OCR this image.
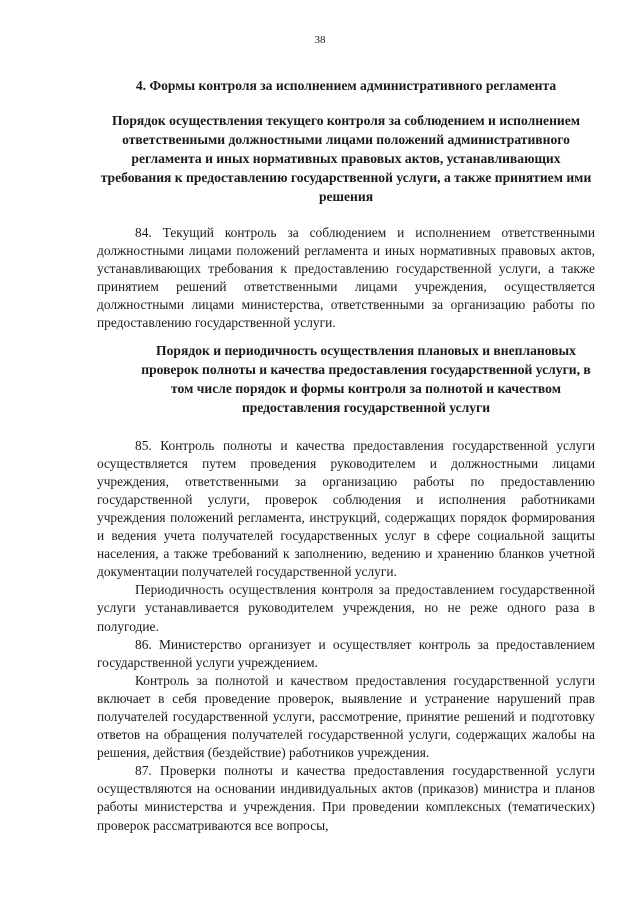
38
4. Формы контроля за исполнением административного регламента
Порядок осуществления текущего контроля за соблюдением и исполнением ответственными должностными лицами положений административного регламента и иных нормативных правовых актов, устанавливающих требования к предоставлению государственной услуги, а также принятием ими решения

84. Текущий контроль за соблюдением и исполнением ответственными должностными лицами положений регламента и иных нормативных правовых актов, устанавливающих требования к предоставлению государственной услуги, а также принятием решений ответственными лицами учреждения, осуществляется должностными лицами министерства, ответственными за организацию работы по предоставлению государственной услуги.

Порядок и периодичность осуществления плановых и внеплановых проверок полноты и качества предоставления государственной услуги, в том числе порядок и формы контроля за полнотой и качеством предоставления государственной услуги

85. Контроль полноты и качества предоставления государственной услуги осуществляется путем проведения руководителем и должностными лицами учреждения, ответственными за организацию работы по предоставлению государственной услуги, проверок соблюдения и исполнения работниками учреждения положений регламента, инструкций, содержащих порядок формирования и ведения учета получателей государственных услуг в сфере социальной защиты населения, а также требований к заполнению, ведению и хранению бланков учетной документации получателей государственной услуги.

Периодичность осуществления контроля за предоставлением государственной услуги устанавливается руководителем учреждения, но не реже одного раза в полугодие.

86. Министерство организует и осуществляет контроль за предоставлением государственной услуги учреждением.

Контроль за полнотой и качеством предоставления государственной услуги включает в себя проведение проверок, выявление и устранение нарушений прав получателей государственной услуги, рассмотрение, принятие решений и подготовку ответов на обращения получателей государственной услуги, содержащих жалобы на решения, действия (бездействие) работников учреждения.

87. Проверки полноты и качества предоставления государственной услуги осуществляются на основании индивидуальных актов (приказов) министра и планов работы министерства и учреждения. При проведении комплексных (тематических) проверок рассматриваются все вопросы,
